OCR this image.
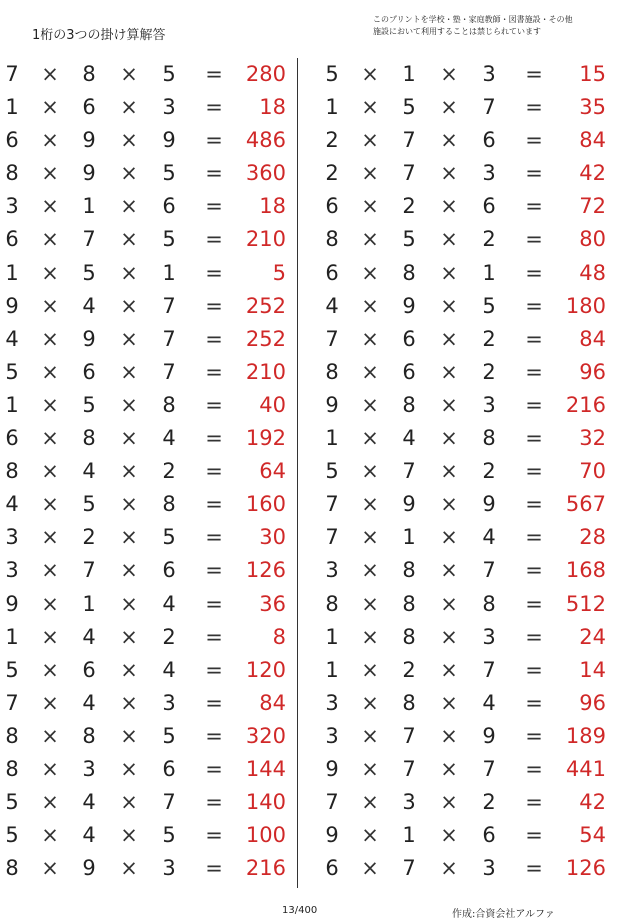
1桁の3つの掛け算解答
このプリントを学校・塾・家庭教師・図書施設・その他
施設において利用することは禁じられています
7 × 8 × 5 =	280
1 × 6 × 3 =	18
6 × 9 × 9 =	486
8 × 9 × 5 =	360
3 × 1 × 6 =	18
6 × 7 × 5 =	210
1 × 5 × 1 =	5
9 × 4 × 7 =	252
4 × 9 × 7 =	252
5 × 6 × 7 =	210
1 × 5 × 8 =	40
6 × 8 × 4 =	192
8 × 4 × 2 =	64
4 × 5 × 8 =	160
3 × 2 × 5 =	30
3 × 7 × 6 =	126
9 × 1 × 4 =	36
1 × 4 × 2 =	8
5 × 6 × 4 =	120
7 × 4 × 3 =	84
8 × 8 × 5 =	320
8 × 3 × 6 =	144
5 × 4 × 7 =	140
5 × 4 × 5 =	100
8 × 9 × 3 =	216
5 × 1 × 3 =	15
1 × 5 × 7 =	35
2 × 7 × 6 =	84
2 × 7 × 3 =	42
6 × 2 × 6 =	72
8 × 5 × 2 =	80
6 × 8 × 1 =	48
4 × 9 × 5 =	180
7 × 6 × 2 =	84
8 × 6 × 2 =	96
9 × 8 × 3 =	216
1 × 4 × 8 =	32
5 × 7 × 2 =	70
7 × 9 × 9 =	567
7 × 1 × 4 =	28
3 × 8 × 7 =	168
8 × 8 × 8 =	512
1 × 8 × 3 =	24
1 × 2 × 7 =	14
3 × 8 × 4 =	96
3 × 7 × 9 =	189
9 × 7 × 7 =	441
7 × 3 × 2 =	42
9 × 1 × 6 =	54
6 × 7 × 3 =	126
13/400	作成:合資会社アルファ
